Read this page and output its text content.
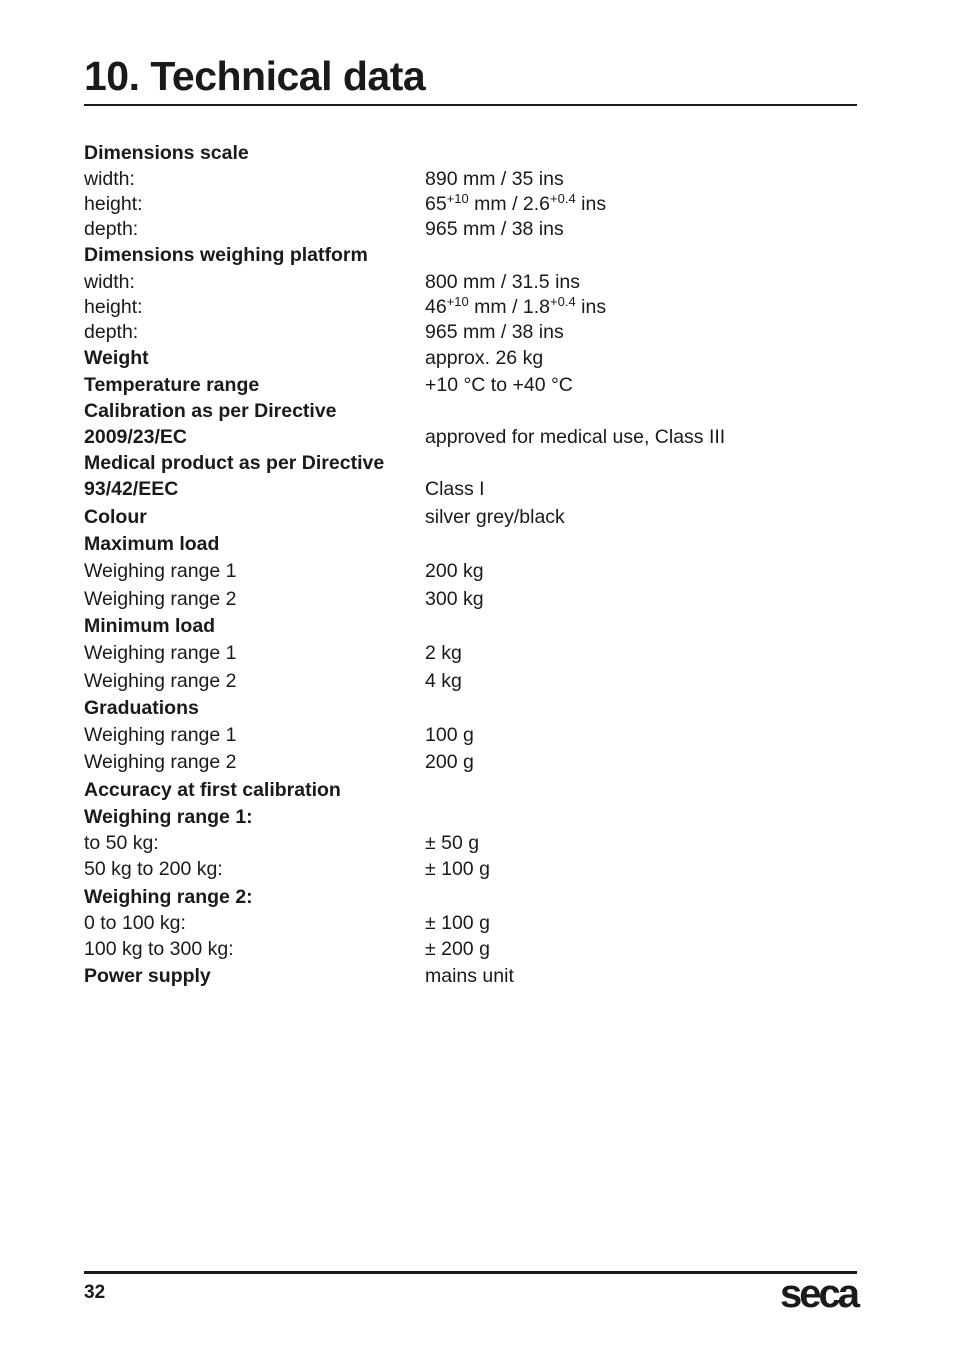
10. Technical data
Dimensions scale
width:	890 mm / 35 ins
height:	$65^{+10}$ mm / $2.6^{+0.4}$ ins
depth:	965 mm / 38 ins
Dimensions weighing platform
width:	800 mm / 31.5 ins
height:	$46^{+10}$ mm / $1.8^{+0.4}$ ins
depth:	965 mm / 38 ins
Weight	approx. 26 kg
Temperature range	+10 °C to +40 °C
Calibration as per Directive
2009/23/EC	approved for medical use, Class III
Medical product as per Directive
93/42/EEC	Class I
Colour	silver grey/black
Maximum load
Weighing range 1	200 kg
Weighing range 2	300 kg
Minimum load
Weighing range 1	2 kg
Weighing range 2	4 kg
Graduations
Weighing range 1	100 g
Weighing range 2	200 g
Accuracy at first calibration
Weighing range 1:
to 50 kg:	± 50 g
50 kg to 200 kg:	± 100 g
Weighing range 2:
0 to 100 kg:	± 100 g
100 kg to 300 kg:	± 200 g
Power supply	mains unit
32	seca
